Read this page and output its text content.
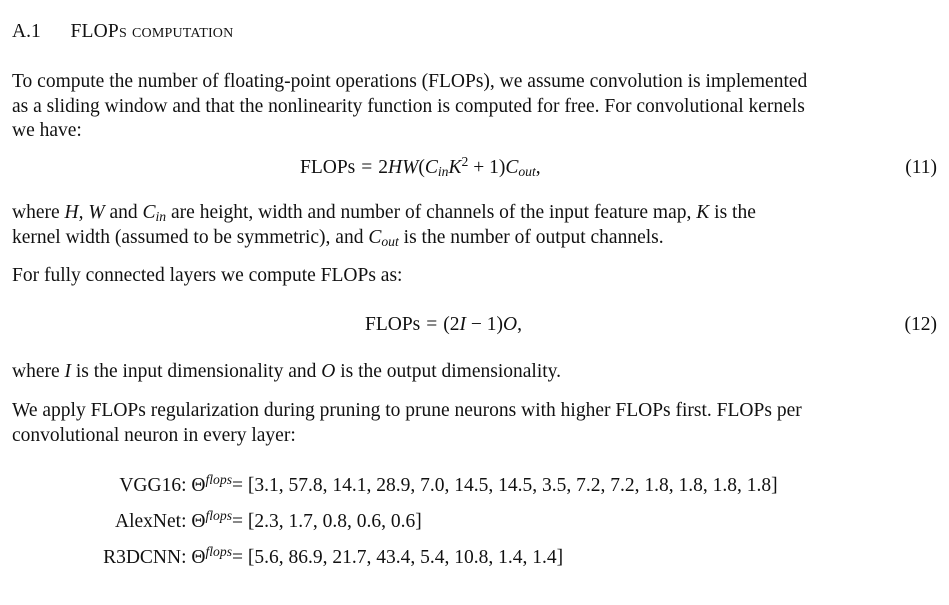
A.1 FLOPs computation
To compute the number of floating-point operations (FLOPs), we assume convolution is implemented
as a sliding window and that the nonlinearity function is computed for free. For convolutional kernels
we have:
FLOPs = $2HW(C_{in}K^2 + 1)C_{out}$,	(11)
where H, W and $C_{in}$ are height, width and number of channels of the input feature map, K is the
kernel width (assumed to be symmetric), and $C_{out}$ is the number of output channels.
For fully connected layers we compute FLOPs as:
FLOPs = (2I − 1)O,	(12)
where I is the input dimensionality and O is the output dimensionality.
We apply FLOPs regularization during pruning to prune neurons with higher FLOPs first. FLOPs per
convolutional neuron in every layer:
VGG16: $\Theta^{flops} = [3.1$, 57.8, 14.1, 28.9, 7.0, 14.5, 14.5, 3.5, 7.2, 7.2, 1.8, 1.8, 1.8, 1.8]
AlexNet: $\Theta^{flops} = [2.3$, 1.7, 0.8, 0.6, 0.6]
R3DCNN: $\Theta^{flops} = [5.6$, 86.9, 21.7, 43.4, 5.4, 10.8, 1.4, 1.4]
